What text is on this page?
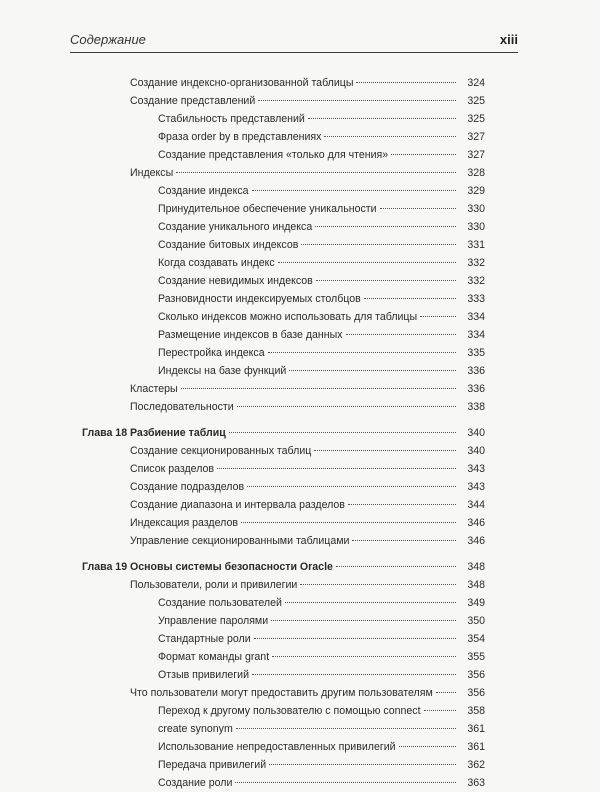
Содержание	xiii
Создание индексно-организованной таблицы	324
Создание представлений	325
Стабильность представлений	325
Фраза order by в представлениях	327
Создание представления «только для чтения»	327
Индексы	328
Создание индекса	329
Принудительное обеспечение уникальности	330
Создание уникального индекса	330
Создание битовых индексов	331
Когда создавать индекс	332
Создание невидимых индексов	332
Разновидности индексируемых столбцов	333
Сколько индексов можно использовать для таблицы	334
Размещение индексов в базе данных	334
Перестройка индекса	335
Индексы на базе функций	336
Кластеры	336
Последовательности	338
Глава 18 Разбиение таблиц	340
Создание секционированных таблиц	340
Список разделов	343
Создание подразделов	343
Создание диапазона и интервала разделов	344
Индексация разделов	346
Управление секционированными таблицами	346
Глава 19 Основы системы безопасности Oracle	348
Пользователи, роли и привилегии	348
Создание пользователей	349
Управление паролями	350
Стандартные роли	354
Формат команды grant	355
Отзыв привилегий	356
Что пользователи могут предоставить другим пользователям	356
Переход к другому пользователю с помощью connect	358
create synonym	361
Использование непредоставленных привилегий	361
Передача привилегий	362
Создание роли	363
